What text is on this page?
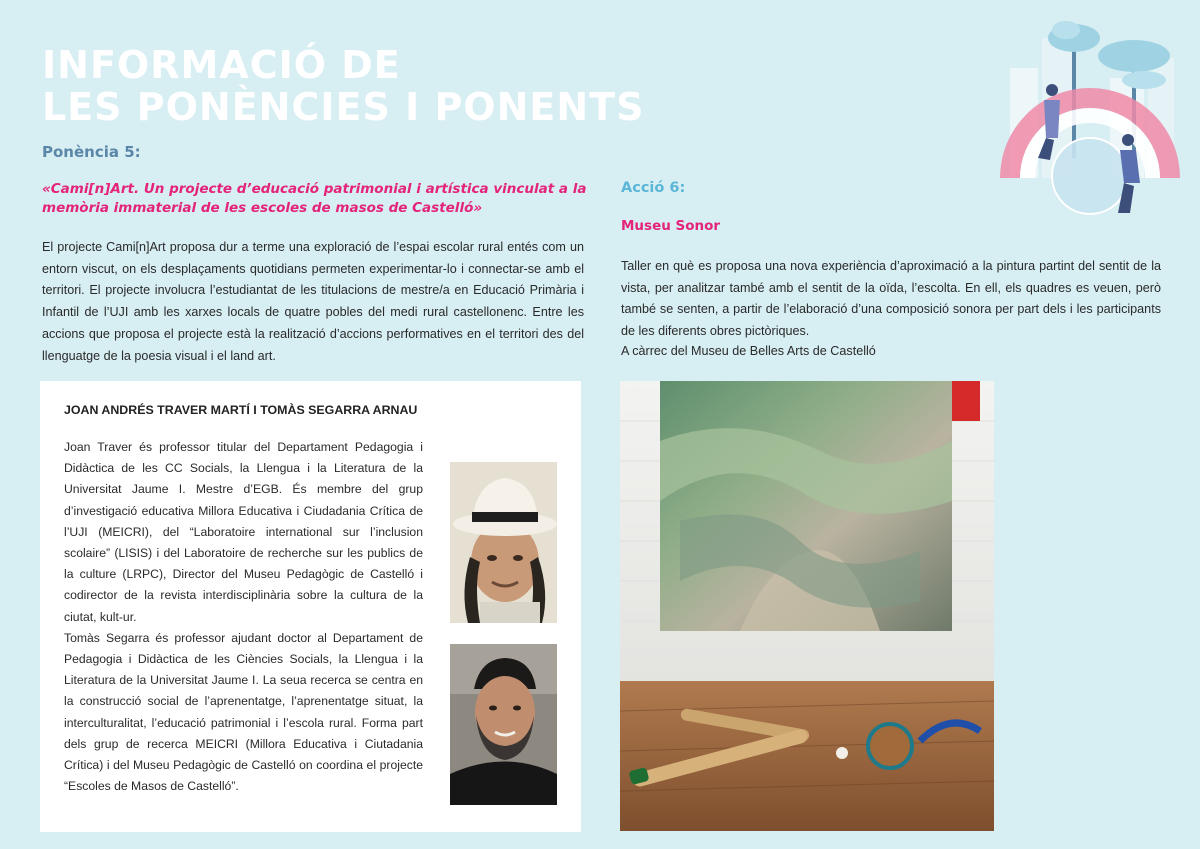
INFORMACIÓ DE
LES PONÈNCIES I PONENTS
Ponència 5:
«Cami[n]Art. Un projecte d’educació patrimonial i artística vinculat a la memòria immaterial de les escoles de masos de Castelló»
El projecte Cami[n]Art proposa dur a terme una exploració de l’espai escolar rural entés com un entorn viscut, on els desplaçaments quotidians permeten experimentar-lo i connectar-se amb el territori. El projecte involucra l’estudiantat de les titulacions de mestre/a en Educació Primària i Infantil de l’UJI amb les xarxes locals de quatre pobles del medi rural castellonenc. Entre les accions que proposa el projecte està la realització d’accions performatives en el territori des del llenguatge de la poesia visual i el land art.
JOAN ANDRÉS TRAVER MARTÍ I TOMÀS SEGARRA ARNAU

Joan Traver és professor titular del Departament Pedagogia i Didàctica de les CC Socials, la Llengua i la Literatura de la Universitat Jaume I. Mestre d’EGB. És membre del grup d’investigació educativa Millora Educativa i Ciudadania Crítica de l’UJI (MEICRI), del “Laboratoire international sur l’inclusion scolaire” (LISIS) i del Laboratoire de recherche sur les publics de la culture (LRPC), Director del Museu Pedagògic de Castelló i codirector de la revista interdisciplinària sobre la cultura de la ciutat, kult-ur.

Tomàs Segarra és professor ajudant doctor al Departament de Pedagogia i Didàctica de les Ciències Socials, la Llengua i la Literatura de la Universitat Jaume I. La seua recerca se centra en la construcció social de l’aprenentatge, l’aprenentatge situat, la interculturalitat, l’educació patrimonial i l’escola rural. Forma part dels grup de recerca MEICRI (Millora Educativa i Ciutadania Crítica) i del Museu Pedagògic de Castelló on coordina el projecte “Escoles de Masos de Castelló”.

Acció 6:
Museu Sonor
Taller en què es proposa una nova experiència d’aproximació a la pintura partint del sentit de la vista, per analitzar també amb el sentit de la oïda, l’escolta. En ell, els quadres es veuen, però també se senten, a partir de l’elaboració d’una composició sonora per part dels i les participants de les diferents obres pictòriques.
A càrrec del Museu de Belles Arts de Castelló
